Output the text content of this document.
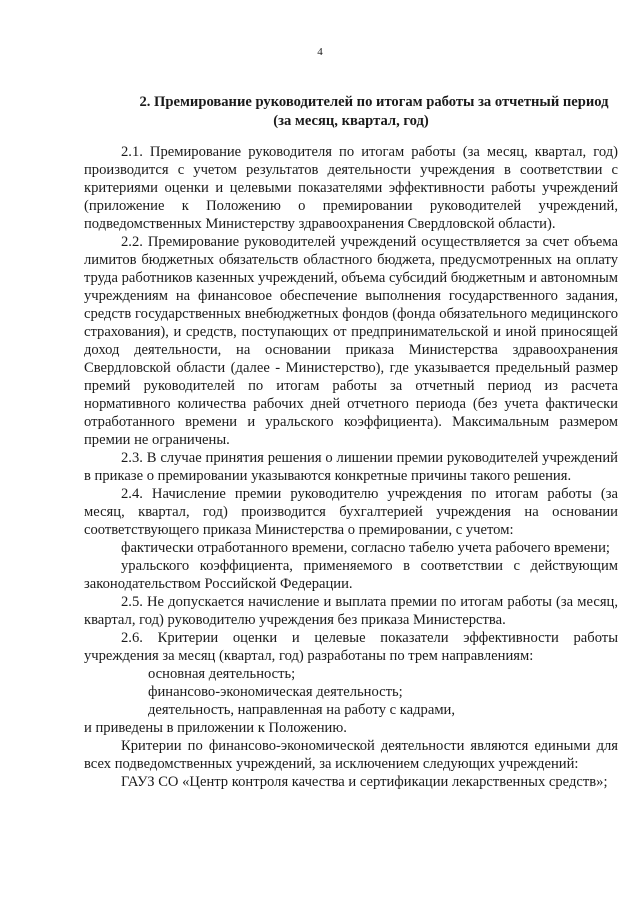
4
2. Премирование руководителей по итогам работы за отчетный период
(за месяц, квартал, год)

2.1. Премирование руководителя по итогам работы (за месяц, квартал, год) производится с учетом результатов деятельности учреждения в соответствии с критериями оценки и целевыми показателями эффективности работы учреждений (приложение к Положению о премировании руководителей учреждений, подведомственных Министерству здравоохранения Свердловской области).

2.2. Премирование руководителей учреждений осуществляется за счет объема лимитов бюджетных обязательств областного бюджета, предусмотренных на оплату труда работников казенных учреждений, объема субсидий бюджетным и автономным учреждениям на финансовое обеспечение выполнения государственного задания, средств государственных внебюджетных фондов (фонда обязательного медицинского страхования), и средств, поступающих от предпринимательской и иной приносящей доход деятельности, на основании приказа Министерства здравоохранения Свердловской области (далее - Министерство), где указывается предельный размер премий руководителей по итогам работы за отчетный период из расчета нормативного количества рабочих дней отчетного периода (без учета фактически отработанного времени и уральского коэффициента). Максимальным размером премии не ограничены.

2.3. В случае принятия решения о лишении премии руководителей учреждений в приказе о премировании указываются конкретные причины такого решения.

2.4. Начисление премии руководителю учреждения по итогам работы (за месяц, квартал, год) производится бухгалтерией учреждения на основании соответствующего приказа Министерства о премировании, с учетом:

фактически отработанного времени, согласно табелю учета рабочего времени;

уральского коэффициента, применяемого в соответствии с действующим законодательством Российской Федерации.

2.5. Не допускается начисление и выплата премии по итогам работы (за месяц, квартал, год) руководителю учреждения без приказа Министерства.

2.6. Критерии оценки и целевые показатели эффективности работы учреждения за месяц (квартал, год) разработаны по трем направлениям:

основная деятельность;

финансово-экономическая деятельность;

деятельность, направленная на работу с кадрами,

и приведены в приложении к Положению.

Критерии по финансово-экономической деятельности являются едиными для всех подведомственных учреждений, за исключением следующих учреждений:

ГАУЗ СО «Центр контроля качества и сертификации лекарственных средств»;
